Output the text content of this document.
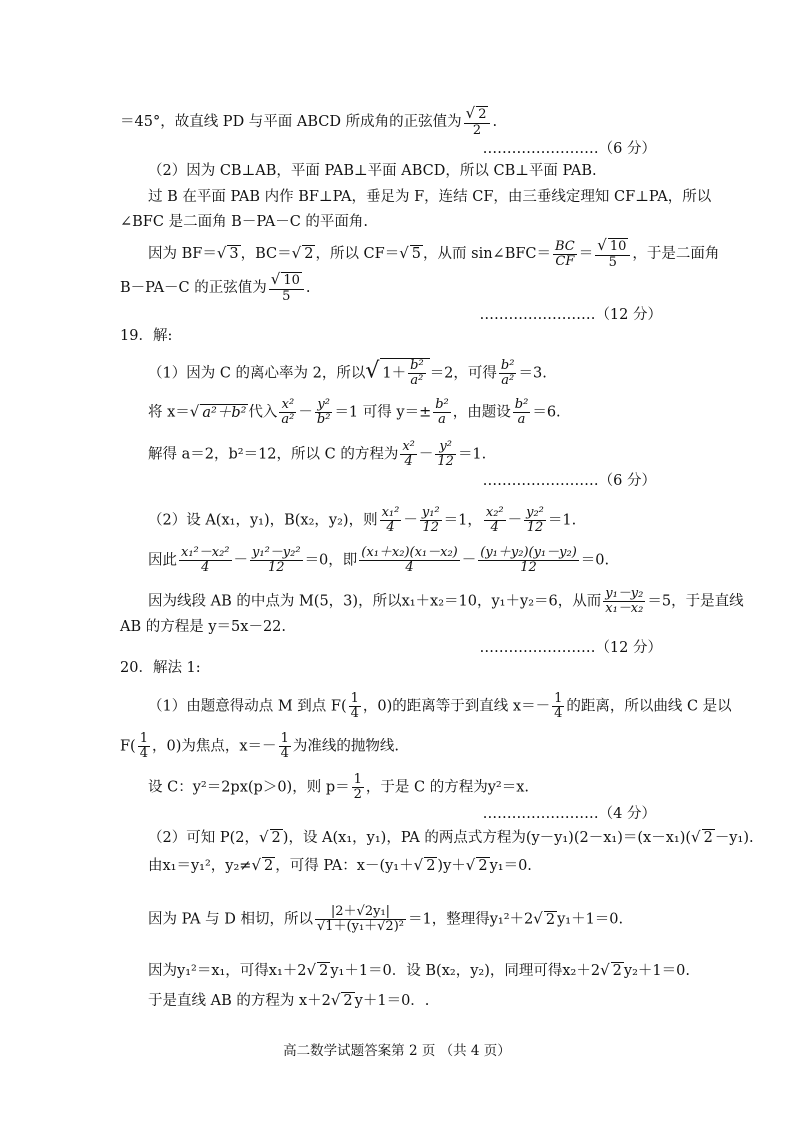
＝45°，故直线 PD 与平面 ABCD 所成角的正弦值为 $\frac{√ 2}{2}$ .
……………………（6 分）
（2）因为 CB⊥AB，平面 PAB⊥平面 ABCD，所以 CB⊥平面 PAB.
过 B 在平面 PAB 内作 BF⊥PA，垂足为 F，连结 CF，由三垂线定理知 CF⊥PA，所以
∠BFC 是二面角 B－PA－C 的平面角.
因为 BF＝√ 3 ，BC＝√ 2 ，所以 CF＝√ 5 ，从而 sin∠BFC＝ $\frac{BC}{CF} = \frac{√ 10}{5}$ ，于是二面角
B－PA－C 的正弦值为 $\frac{√ 10}{5}$ .
……………………（12 分）
19．解:
（1）因为 C 的离心率为 2，所以√ $1+ \frac{\text{b²}}{\text{a²}} =2$，可得 $\frac{\text{b²}}{\text{a²}} =3$.
将 x＝√ a²＋b² 代入 $\frac{\text{x²}}{\text{a²}} - \frac{\text{y²}}{\text{b²}} =1$ 可得 $y=\pm \frac{\text{b²}}{a}$ ，由题设 $\frac{\text{b²}}{a} =6$.
解得 a＝2，b²＝12，所以 C 的方程为 $\frac{\text{x²}}{4} - \frac{\text{y²}}{12} =1$.
……………………（6 分）
（2）设 A(x₁，y₁)，B(x₂，y₂)，则 $\frac{\text{x₁²}}{4} - \frac{\text{y₁²}}{12} =1$， $\frac{\text{x₂²}}{4} - \frac{\text{y₂²}}{12} =1$.
因此 $\frac{\text{x₁²－x₂²}}{4} - \frac{\text{y₁²－y₂²}}{12} =0$，即 $\frac{\text{(x₁＋x₂)(x₁－x₂)}}{4} - \frac{\text{(y₁＋y₂)(y₁－y₂)}}{12} =0$.
因为线段 AB 的中点为 M(5，3)，所以x₁＋x₂＝10，y₁＋y₂＝6，从而 $\frac{\text{y₁－y₂}}{\text{x₁－x₂}} =5$，于是直线
AB 的方程是 y＝5x－22.
……………………（12 分）
20．解法 1:
（1）由题意得动点 M 到点 $F( \frac{1}{4}$ ，0)的距离等于到直线 $x=- \frac{1}{4}$ 的距离，所以曲线 C 是以
$F( \frac{1}{4}$ ，0)为焦点，$x=- \frac{1}{4}$ 为准线的抛物线.
设 C：y²＝2px(p＞0)，则 $p= \frac{1}{2}$ ，于是 C 的方程为y²＝x.
……………………（4 分）
（2）可知 P(2，√ 2 )，设 A(x₁，y₁)，PA 的两点式方程为(y－y₁)(2－x₁)＝(x－x₁)(√ 2 －y₁).
由x₁＝y₁²，y₂≠√ 2 ，可得 PA：x－(y₁＋√ 2 )y＋√ 2 y₁＝0.
因为 PA 与 D 相切，所以 $\frac{\text{|2＋√2y₁|}}{\text{√1＋(y₁＋√2)²}} =1$，整理得y₁²＋2√ 2 y₁＋1＝0.
因为y₁²＝x₁，可得x₁＋2√ 2 y₁＋1＝0．设 B(x₂，y₂)，同理可得x₂＋2√ 2 y₂＋1＝0.
于是直线 AB 的方程为 x＋2√ 2 y＋1＝0．.
高二数学试题答案第 2 页 （共 4 页）
